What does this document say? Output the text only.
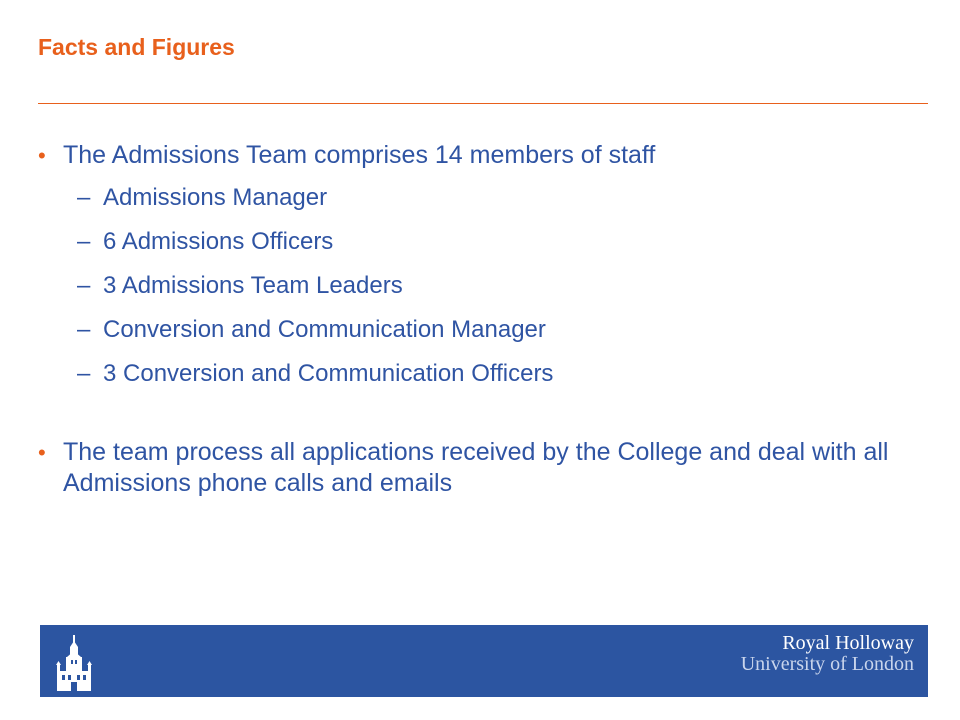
Facts and Figures
• The Admissions Team comprises 14 members of staff
– Admissions Manager
– 6 Admissions Officers
– 3 Admissions Team Leaders
– Conversion and Communication Manager
– 3 Conversion and Communication Officers
• The team process all applications received by the College and deal with all Admissions phone calls and emails
Royal Holloway
University of London
